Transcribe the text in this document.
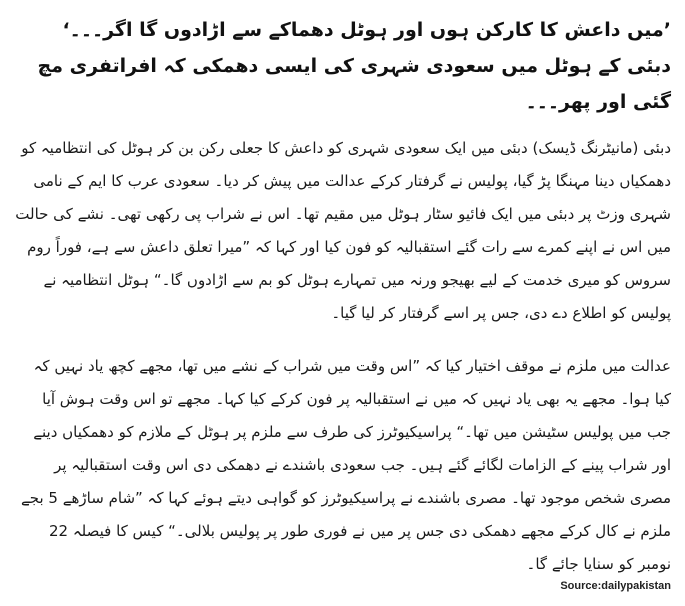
’میں داعش کا کارکن ہوں اور ہوٹل دھماکے سے اڑادوں گا اگر۔۔۔‘ دبئی کے ہوٹل میں سعودی شہری کی ایسی دھمکی کہ افراتفری مچ گئی اور پھر۔۔۔

دبئی (مانیٹرنگ ڈیسک) دبئی میں ایک سعودی شہری کو داعش کا جعلی رکن بن کر ہوٹل کی انتظامیہ کو دھمکیاں دینا مہنگا پڑ گیا، پولیس نے گرفتار کرکے عدالت میں پیش کر دیا۔ سعودی عرب کا ایم کے نامی شہری وزٹ پر دبئی میں ایک فائیو سٹار ہوٹل میں مقیم تھا۔ اس نے شراب پی رکھی تھی۔ نشے کی حالت میں اس نے اپنے کمرے سے رات گئے استقبالیہ کو فون کیا اور کہا کہ ”میرا تعلق داعش سے ہے، فوراً روم سروس کو میری خدمت کے لیے بھیجو ورنہ میں تمہارے ہوٹل کو بم سے اڑادوں گا۔“ ہوٹل انتظامیہ نے پولیس کو اطلاع دے دی، جس پر اسے گرفتار کر لیا گیا۔

عدالت میں ملزم نے موقف اختیار کیا کہ ”اس وقت میں شراب کے نشے میں تھا، مجھے کچھ یاد نہیں کہ کیا ہوا۔ مجھے یہ بھی یاد نہیں کہ میں نے استقبالیہ پر فون کرکے کیا کہا۔ مجھے تو اس وقت ہوش آیا جب میں پولیس سٹیشن میں تھا۔“ پراسیکیوٹرز کی طرف سے ملزم پر ہوٹل کے ملازم کو دھمکیاں دینے اور شراب پینے کے الزامات لگائے گئے ہیں۔ جب سعودی باشندے نے دھمکی دی اس وقت استقبالیہ پر مصری شخص موجود تھا۔ مصری باشندے نے پراسیکیوٹرز کو گواہی دیتے ہوئے کہا کہ ”شام ساڑھے 5 بجے ملزم نے کال کرکے مجھے دھمکی دی جس پر میں نے فوری طور پر پولیس بلالی۔“ کیس کا فیصلہ 22 نومبر کو سنایا جائے گا۔

Source:dailypakistan
